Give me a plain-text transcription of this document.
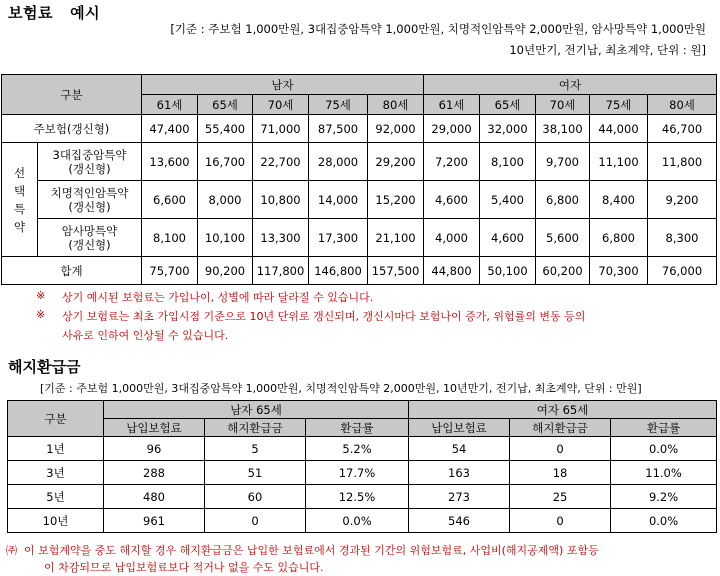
보험료   예시
[기준 : 주보험 1,000만원, 3대집중암특약 1,000만원, 치명적인암특약 2,000만원, 암사망특약 1,000만원
10년만기, 전기납, 최초계약, 단위 : 원]
구분		남자					여자				
		61세	65세	70세	75세	80세	61세	65세	70세	75세	80세
주보험(갱신형)		47,400	55,400	71,000	87,500	92,000	29,000	32,000	38,100	44,000	46,700
선
택
특
약	3대집중암특약
(갱신형)	13,600	16,700	22,700	28,000	29,200	7,200	8,100	9,700	11,100	11,800
	치명적인암특약
(갱신형)	6,600	8,000	10,800	14,000	15,200	4,600	5,400	6,800	8,400	9,200
	암사망특약
(갱신형)	8,100	10,100	13,300	17,300	21,100	4,000	4,600	5,600	6,800	8,300
합계		75,700	90,200	117,800	146,800	157,500	44,800	50,100	60,200	70,300	76,000
※ 상기 예시된 보험료는 가입나이, 성별에 따라 달라질 수 있습니다.
※ 상기 보험료는 최초 가입시점 기준으로 10년 단위로 갱신되며, 갱신시마다 보험나이 증가, 위험률의 변동 등의
사유로 인하여 인상될 수 있습니다.
해지환급금
[기준 : 주보험 1,000만원, 3대집중암특약 1,000만원, 치명적인암특약 2,000만원, 10년만기, 전기납, 최초계약, 단위 : 만원]
구분	남자 65세			여자 65세		
	납입보험료	해지환급금	환급률	납입보험료	해지환급금	환급률
1년	96	5	5.2%	54	0	0.0%
3년	288	51	17.7%	163	18	11.0%
5년	480	60	12.5%	273	25	9.2%
10년	961	0	0.0%	546	0	0.0%
㈜ 이 보험계약을 중도 해지할 경우 해지환급금은 납입한 보험료에서 경과된 기간의 위험보험료, 사업비(해지공제액) 포함등
이 차감되므로 납입보험료보다 적거나 없을 수도 있습니다.
